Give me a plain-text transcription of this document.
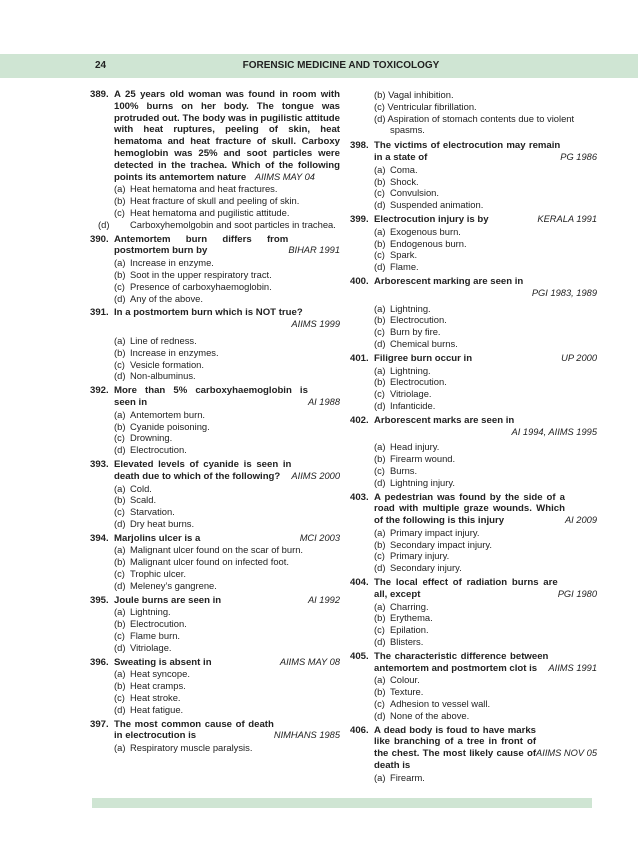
24	FORENSIC MEDICINE AND TOXICOLOGY
389. A 25 years old woman was found in room with 100% burns on her body. The tongue was protruded out. The body was in pugilistic attitude with heat ruptures, peeling of skin, heat hematoma and heat fracture of skull. Carboxy hemoglobin was 25% and soot particles were detected in the trachea. Which of the following points its antemortem nature AIIMS MAY 04
(a) Heat hematoma and heat fractures.
(b) Heat fracture of skull and peeling of skin.
(c) Heat hematoma and pugilistic attitude.
(d) Carboxyhemolgobin and soot particles in trachea.
390.
BIHAR 1991
Antemortem burn differs from postmortem burn by
(a) Increase in enzyme.
(b) Soot in the upper respiratory tract.
(c) Presence of carboxyhaemoglobin.
(d) Any of the above.
391. In a postmortem burn which is NOT true?
AIIMS 1999
(a) Line of redness.
(b) Increase in enzymes.
(c) Vesicle formation.
(d) Non-albuminus.
392.
AI 1988
More than 5% carboxyhaemoglobin is seen in
(a) Antemortem burn.
(b) Cyanide poisoning.
(c) Drowning.
(d) Electrocution.
393.
AIIMS 2000
Elevated levels of cyanide is seen in death due to which of the following?
(a) Cold.
(b) Scald.
(c) Starvation.
(d) Dry heat burns.
394.	MCI 2003
Marjolins ulcer is a
(a) Malignant ulcer found on the scar of burn.
(b) Malignant ulcer found on infected foot.
(c) Trophic ulcer.
(d) Meleney’s gangrene.
395.	AI 1992
Joule burns are seen in
(a) Lightning.
(b) Electrocution.
(c) Flame burn.
(d) Vitriolage.
396.	AIIMS MAY 08
Sweating is absent in
(a) Heat syncope.
(b) Heat cramps.
(c) Heat stroke.
(d) Heat fatigue.
397.
NIMHANS 1985
The most common cause of death in electrocution is
(a) Respiratory muscle paralysis.
(b) Vagal inhibition.
(c) Ventricular fibrillation.
(d) Aspiration of stomach contents due to violent spasms.
398.
PG 1986
The victims of electrocution may remain in a state of
(a) Coma.
(b) Shock.
(c) Convulsion.
(d) Suspended animation.
399.	KERALA 1991
Electrocution injury is by
(a) Exogenous burn.
(b) Endogenous burn.
(c) Spark.
(d) Flame.
400. Arborescent marking are seen in
PGI 1983, 1989
(a) Lightning.
(b) Electrocution.
(c) Burn by fire.
(d) Chemical burns.
401.	UP 2000
Filigree burn occur in
(a) Lightning.
(b) Electrocution.
(c) Vitriolage.
(d) Infanticide.
402. Arborescent marks are seen in
AI 1994, AIIMS 1995
(a) Head injury.
(b) Firearm wound.
(c) Burns.
(d) Lightning injury.
403.
AI 2009
A pedestrian was found by the side of a road with multiple graze wounds. Which of the following is this injury
(a) Primary impact injury.
(b) Secondary impact injury.
(c) Primary injury.
(d) Secondary injury.
404.
PGI 1980
The local effect of radiation burns are all, except
(a) Charring.
(b) Erythema.
(c) Epilation.
(d) Blisters.
405.
AIIMS 1991
The characteristic difference between antemortem and postmortem clot is
(a) Colour.
(b) Texture.
(c) Adhesion to vessel wall.
(d) None of the above.
406.
AIIMS NOV 05
A dead body is foud to have marks like branching of a tree in front of the chest. The most likely cause of death is
(a) Firearm.
